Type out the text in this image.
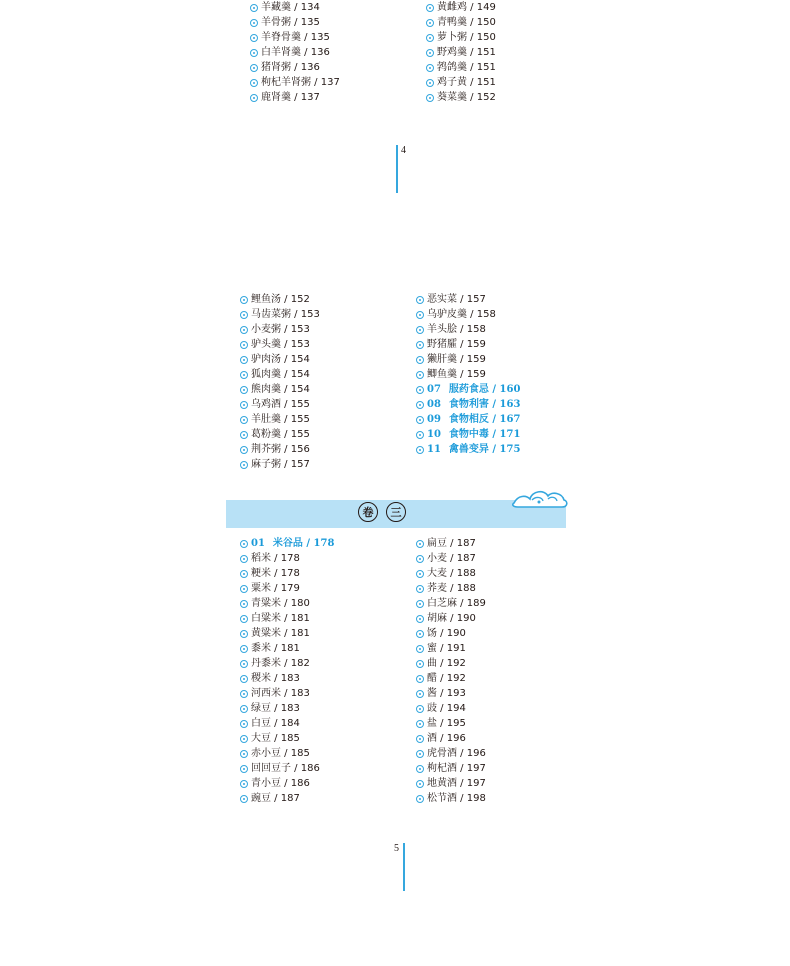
羊藏羹 / 134
羊骨粥 / 135
羊脊骨羹 / 135
白羊肾羹 / 136
猪肾粥 / 136
枸杞羊肾粥 / 137
鹿肾羹 / 137
黄雌鸡 / 149
青鸭羹 / 150
萝卜粥 / 150
野鸡羹 / 151
鹁鸽羹 / 151
鸡子黄 / 151
葵菜羹 / 152
4
鲤鱼汤 / 152
马齿菜粥 / 153
小麦粥 / 153
驴头羹 / 153
驴肉汤 / 154
狐肉羹 / 154
熊肉羹 / 154
乌鸡酒 / 155
羊肚羹 / 155
葛粉羹 / 155
荆芥粥 / 156
麻子粥 / 157
恶实菜 / 157
乌驴皮羹 / 158
羊头脍 / 158
野猪臛 / 159
獭肝羹 / 159
鲫鱼羹 / 159
07 服药食忌 / 160
08 食物利害 / 163
09 食物相反 / 167
10 食物中毒 / 171
11 禽兽变异 / 175
卷	三
01 米谷品 / 178
稻米 / 178
粳米 / 178
粟米 / 179
青粱米 / 180
白粱米 / 181
黄粱米 / 181
黍米 / 181
丹黍米 / 182
稷米 / 183
河西米 / 183
绿豆 / 183
白豆 / 184
大豆 / 185
赤小豆 / 185
回回豆子 / 186
青小豆 / 186
豌豆 / 187
扁豆 / 187
小麦 / 187
大麦 / 188
荞麦 / 188
白芝麻 / 189
胡麻 / 190
饧 / 190
蜜 / 191
曲 / 192
醋 / 192
酱 / 193
豉 / 194
盐 / 195
酒 / 196
虎骨酒 / 196
枸杞酒 / 197
地黄酒 / 197
松节酒 / 198
5
